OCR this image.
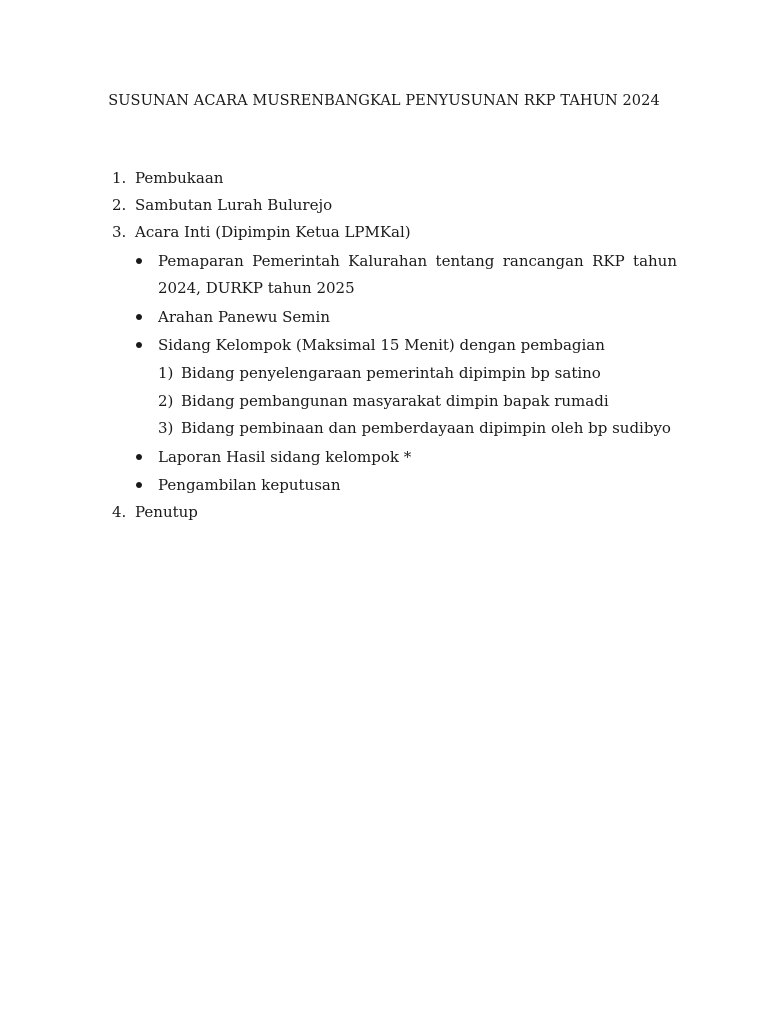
SUSUNAN ACARA MUSRENBANGKAL PENYUSUNAN RKP TAHUN 2024
1. Pembukaan
2. Sambutan Lurah Bulurejo
3. Acara Inti (Dipimpin Ketua LPMKal)
Pemaparan Pemerintah Kalurahan tentang rancangan RKP tahun
2024, DURKP tahun 2025
Arahan Panewu Semin
Sidang Kelompok (Maksimal 15 Menit) dengan pembagian
1) Bidang penyelengaraan pemerintah dipimpin bp satino
2) Bidang pembangunan masyarakat dimpin bapak rumadi
3) Bidang pembinaan dan pemberdayaan dipimpin oleh bp sudibyo
Laporan Hasil sidang kelompok *
Pengambilan keputusan
4. Penutup
